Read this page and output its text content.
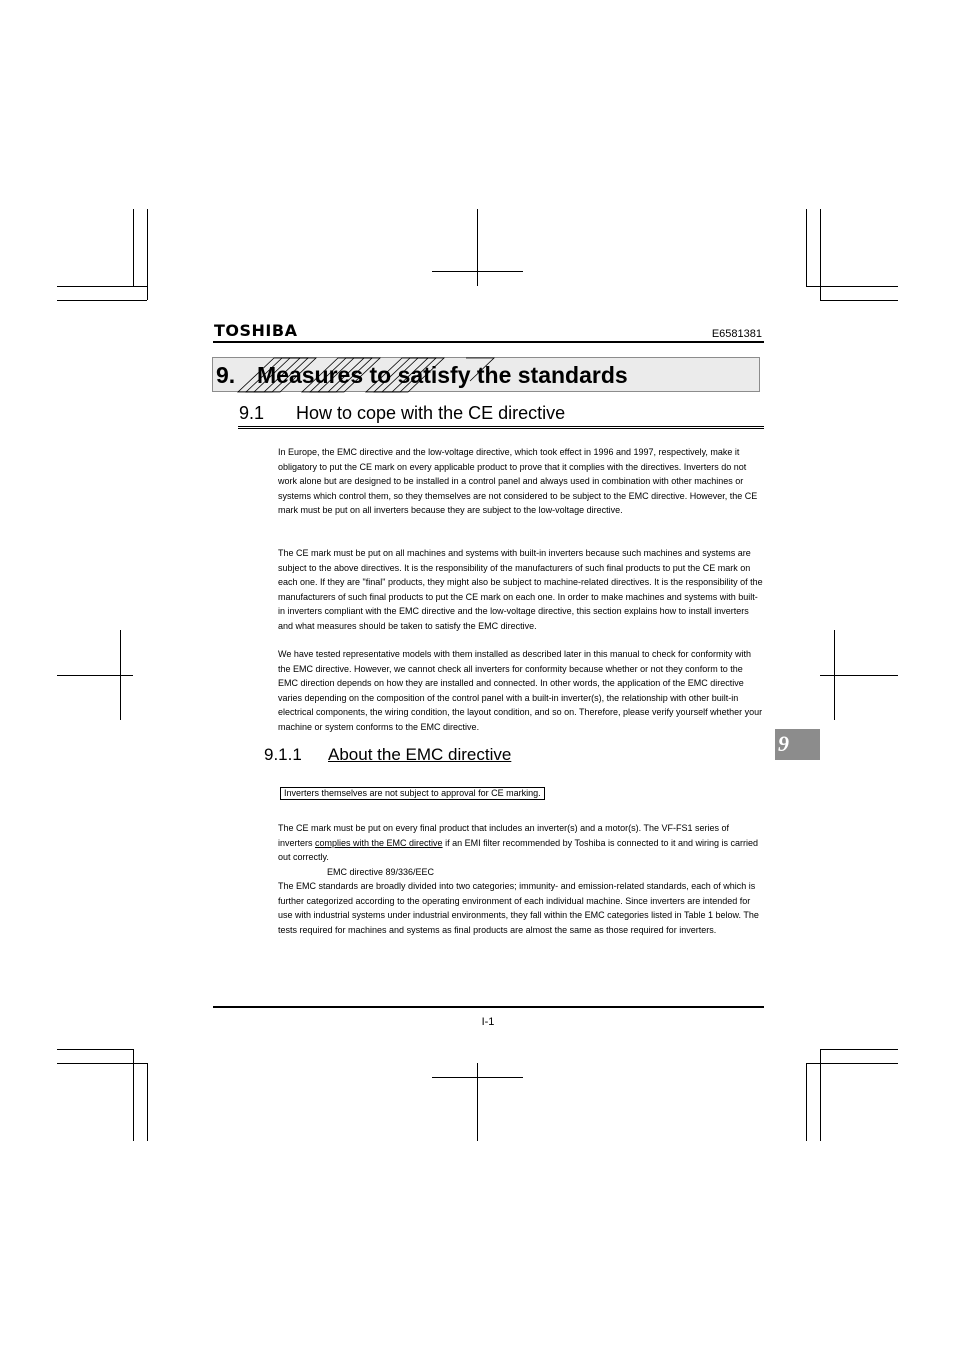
TOSHIBA	E6581381
9. Measures to satisfy the standards
9.1 How to cope with the CE directive

In Europe, the EMC directive and the low-voltage directive, which took effect in 1996 and 1997, respectively, make it obligatory to put the CE mark on every applicable product to prove that it complies with the directives. Inverters do not work alone but are designed to be installed in a control panel and always used in combination with other machines or systems which control them, so they themselves are not considered to be subject to the EMC directive. However, the CE mark must be put on all inverters because they are subject to the low-voltage directive.

The CE mark must be put on all machines and systems with built-in inverters because such machines and systems are subject to the above directives. It is the responsibility of the manufacturers of such final products to put the CE mark on each one. If they are "final" products, they might also be subject to machine-related directives. It is the responsibility of the manufacturers of such final products to put the CE mark on each one. In order to make machines and systems with built-in inverters compliant with the EMC directive and the low-voltage directive, this section explains how to install inverters and what measures should be taken to satisfy the EMC directive.

We have tested representative models with them installed as described later in this manual to check for conformity with the EMC directive. However, we cannot check all inverters for conformity because whether or not they conform to the EMC direction depends on how they are installed and connected. In other words, the application of the EMC directive varies depending on the composition of the control panel with a built-in inverter(s), the relationship with other built-in electrical components, the wiring condition, the layout condition, and so on. Therefore, please verify yourself whether your machine or system conforms to the EMC directive.

9.1.1 About the EMC directive
Inverters themselves are not subject to approval for CE marking.

The CE mark must be put on every final product that includes an inverter(s) and a motor(s). The VF-FS1 series of inverters complies with the EMC directive if an EMI filter recommended by Toshiba is connected to it and wiring is carried out correctly.
EMC directive 89/336/EEC
The EMC standards are broadly divided into two categories; immunity- and emission-related standards, each of which is further categorized according to the operating environment of each individual machine. Since inverters are intended for use with industrial systems under industrial environments, they fall within the EMC categories listed in Table 1 below. The tests required for machines and systems as final products are almost the same as those required for inverters.

9
I-1
